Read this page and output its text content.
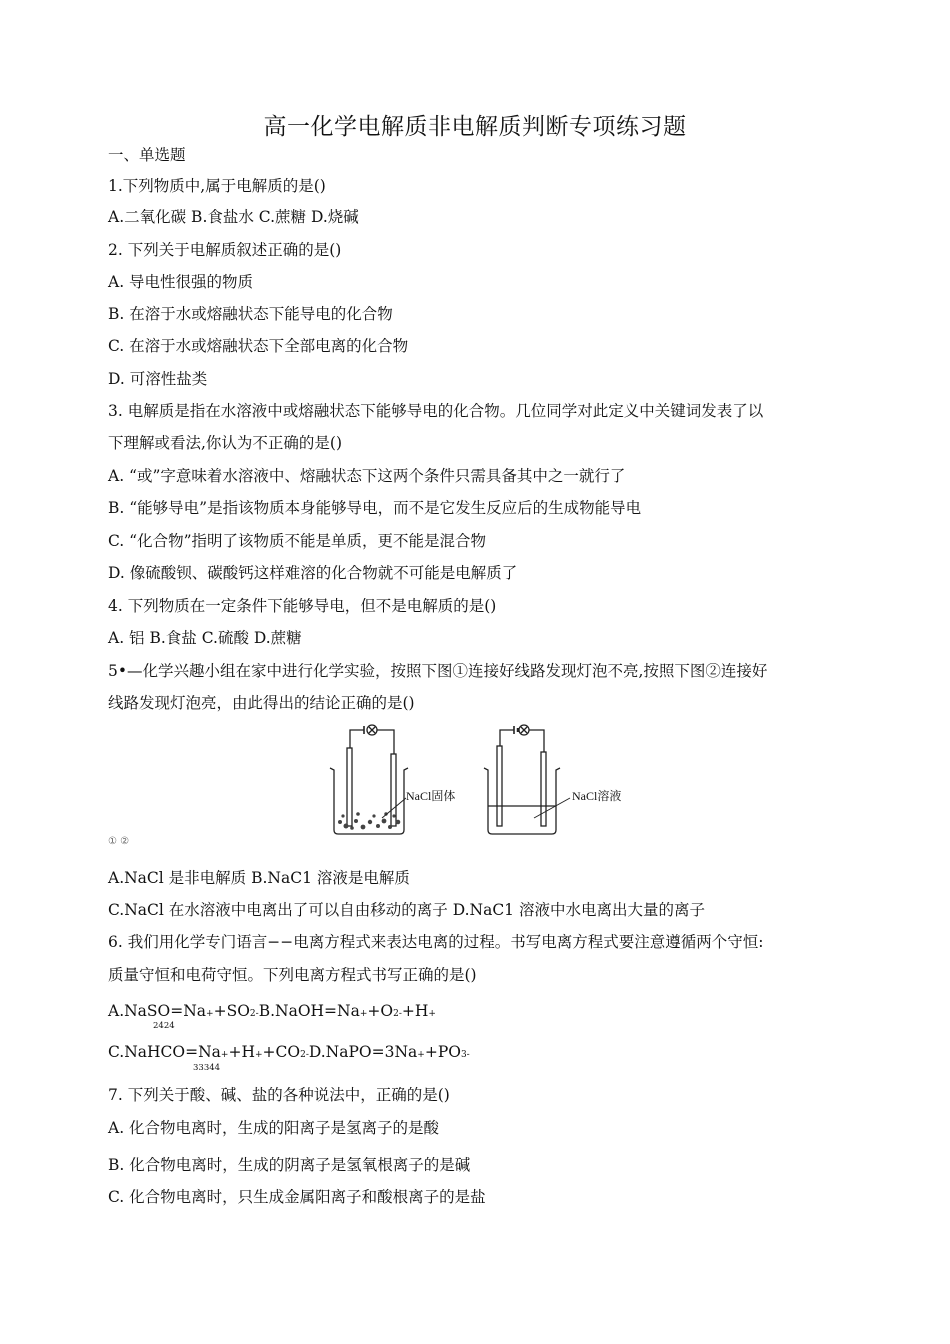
高一化学电解质非电解质判断专项练习题
一、单选题
1.下列物质中,属于电解质的是()
A.二氧化碳 B.食盐水 C.蔗糖 D.烧碱
2. 下列关于电解质叙述正确的是()
A. 导电性很强的物质
B. 在溶于水或熔融状态下能导电的化合物
C. 在溶于水或熔融状态下全部电离的化合物
D. 可溶性盐类
3. 电解质是指在水溶液中或熔融状态下能够导电的化合物。几位同学对此定义中关键词发表了以
下理解或看法,你认为不正确的是()
A. “或”字意味着水溶液中、熔融状态下这两个条件只需具备其中之一就行了
B. “能够导电”是指该物质本身能够导电，而不是它发生反应后的生成物能导电
C. “化合物”指明了该物质不能是单质，更不能是混合物
D. 像硫酸钡、碳酸钙这样难溶的化合物就不可能是电解质了
4. 下列物质在一定条件下能够导电，但不是电解质的是()
A. 铝 B.食盐 C.硫酸 D.蔗糖
5•—化学兴趣小组在家中进行化学实验，按照下图①连接好线路发现灯泡不亮,按照下图②连接好
线路发现灯泡亮，由此得出的结论正确的是()
NaCl固体	NaCl溶液
① ②
A.NaCl 是非电解质 B.NaC1 溶液是电解质
C.NaCl 在水溶液中电离出了可以自由移动的离子 D.NaC1 溶液中水电离出大量的离子
6. 我们用化学专门语言−−电离方程式来表达电离的过程。书写电离方程式要注意遵循两个守恒:
质量守恒和电荷守恒。下列电离方程式书写正确的是()
A.NaSO=Na++SO2-B.NaOH=Na++O2-+H+
2424
C.NaHCO=Na++H++CO2-D.NaPO=3Na++PO3-
33344
7. 下列关于酸、碱、盐的各种说法中，正确的是()
A. 化合物电离时，生成的阳离子是氢离子的是酸
B. 化合物电离时，生成的阴离子是氢氧根离子的是碱
C. 化合物电离时，只生成金属阳离子和酸根离子的是盐
